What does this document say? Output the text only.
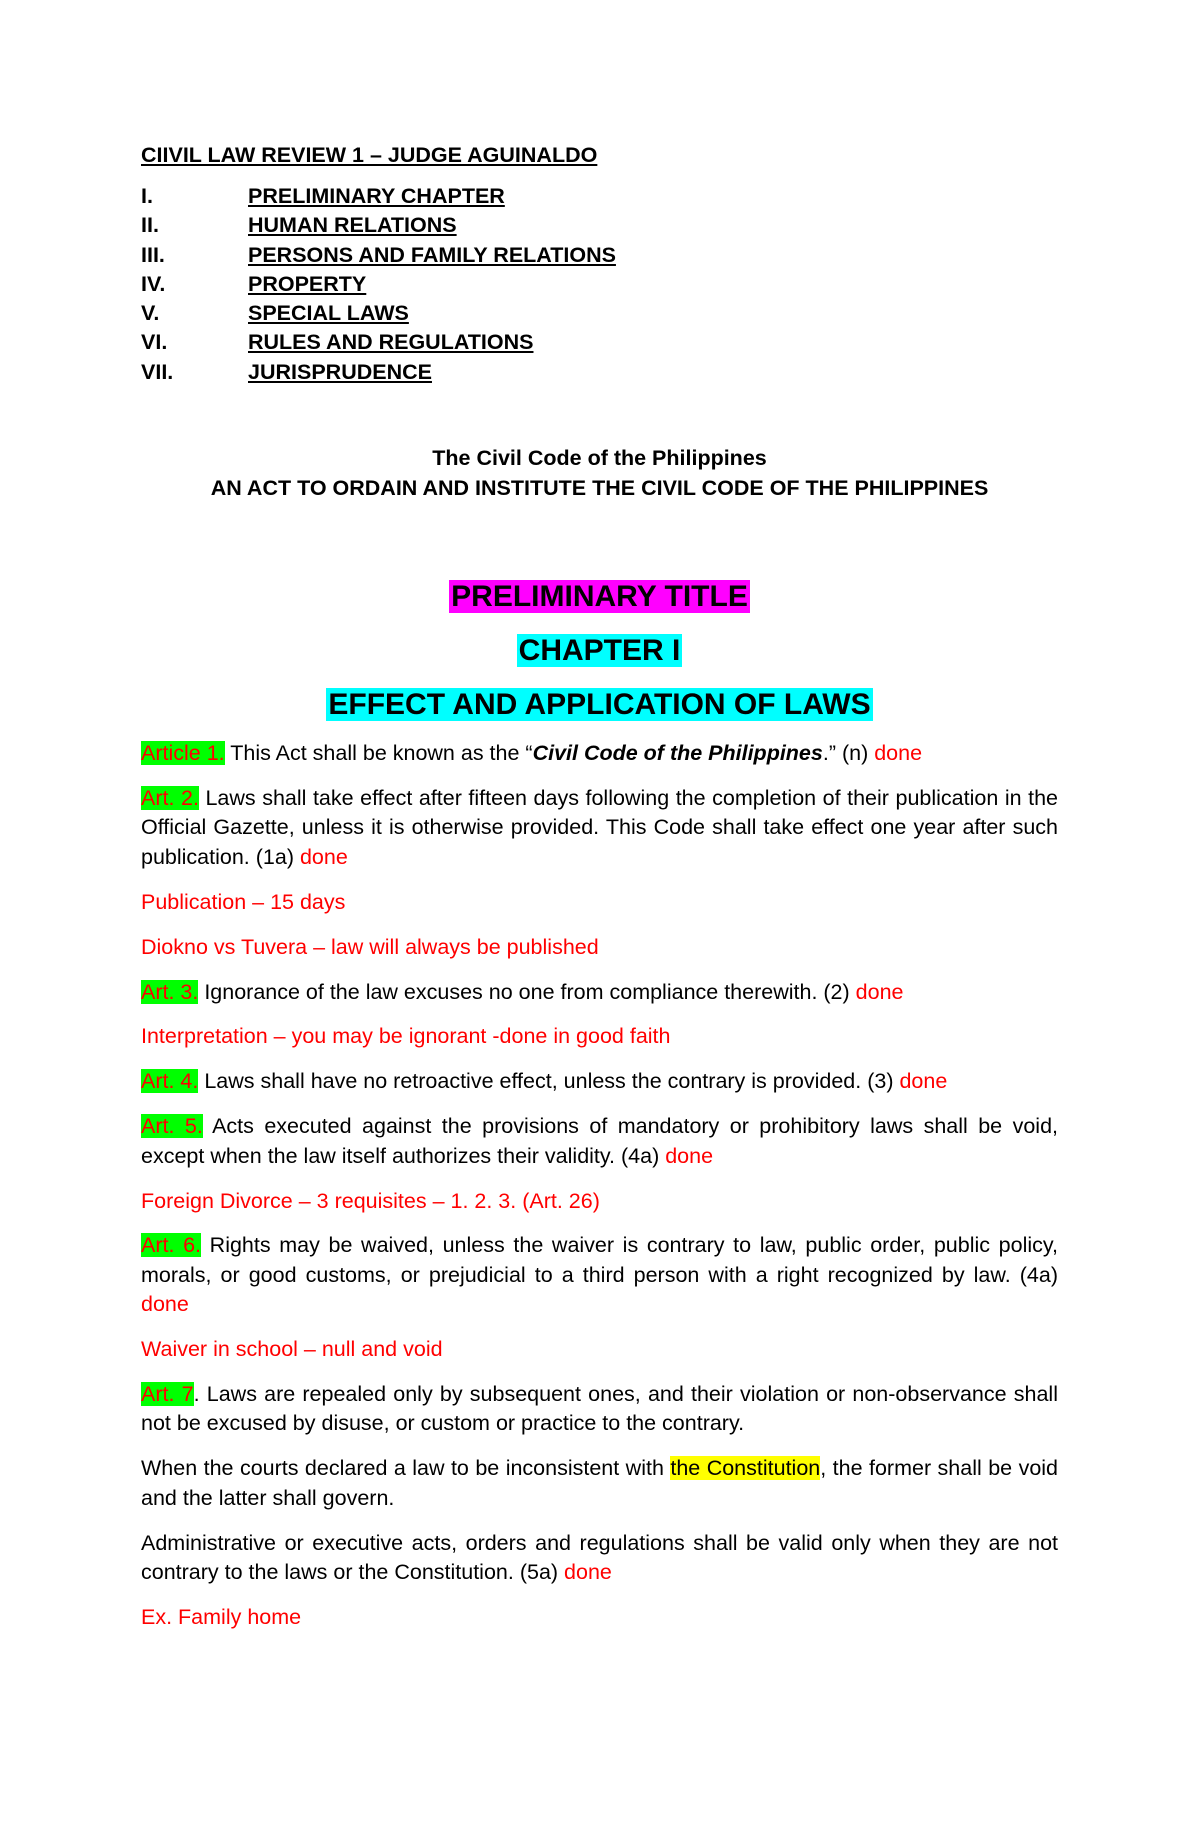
CIIVIL LAW REVIEW 1 – JUDGE AGUINALDO
I.	PRELIMINARY CHAPTER
II.	HUMAN RELATIONS
III.	PERSONS AND FAMILY RELATIONS
IV.	PROPERTY
V.	SPECIAL LAWS
VI.	RULES AND REGULATIONS
VII.	JURISPRUDENCE
The Civil Code of the Philippines
AN ACT TO ORDAIN AND INSTITUTE THE CIVIL CODE OF THE PHILIPPINES
PRELIMINARY TITLE
CHAPTER I
EFFECT AND APPLICATION OF LAWS

Article 1. This Act shall be known as the “Civil Code of the Philippines.” (n) done

Art. 2. Laws shall take effect after fifteen days following the completion of their publication in the Official Gazette, unless it is otherwise provided. This Code shall take effect one year after such publication. (1a) done

Publication – 15 days

Diokno vs Tuvera – law will always be published

Art. 3. Ignorance of the law excuses no one from compliance therewith. (2) done

Interpretation – you may be ignorant -done in good faith

Art. 4. Laws shall have no retroactive effect, unless the contrary is provided. (3) done

Art. 5. Acts executed against the provisions of mandatory or prohibitory laws shall be void, except when the law itself authorizes their validity. (4a) done

Foreign Divorce – 3 requisites – 1. 2. 3. (Art. 26)

Art. 6. Rights may be waived, unless the waiver is contrary to law, public order, public policy, morals, or good customs, or prejudicial to a third person with a right recognized by law. (4a) done

Waiver in school – null and void

Art. 7. Laws are repealed only by subsequent ones, and their violation or non-observance shall not be excused by disuse, or custom or practice to the contrary.

When the courts declared a law to be inconsistent with the Constitution, the former shall be void and the latter shall govern.

Administrative or executive acts, orders and regulations shall be valid only when they are not contrary to the laws or the Constitution. (5a) done

Ex. Family home
